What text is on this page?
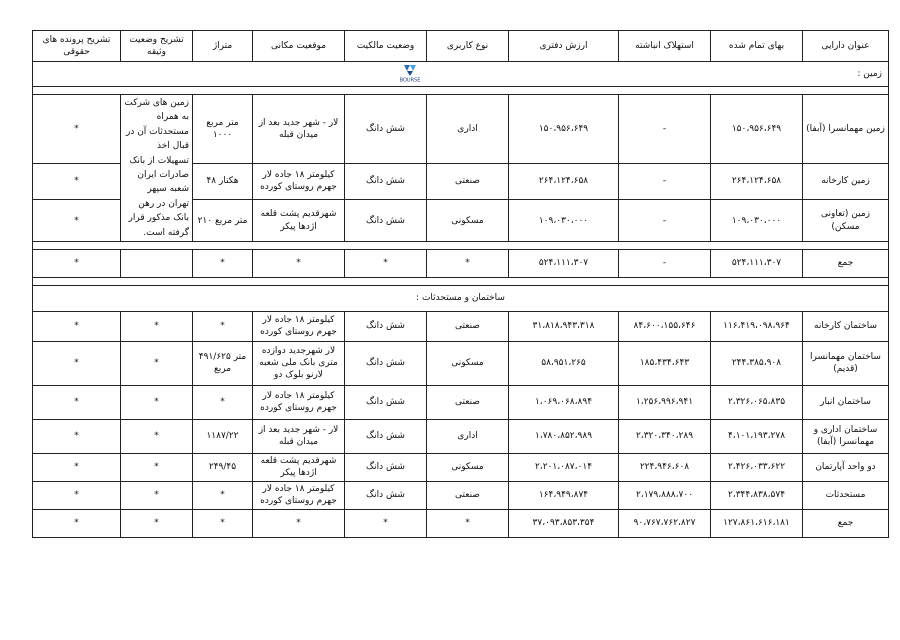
عنوان دارایی	بهای تمام شده	استهلاک انباشته	ارزش دفتری	نوع کاربری	وضعیت مالکیت	موقعیت مکانی	متراژ	تشریح وضعیت وثیقه	تشریح پرونده های حقوقی

زمین :
BOURSE									

زمین مهمانسرا (آبفا)	۱۵۰،۹۵۶،۶۴۹	-	۱۵۰،۹۵۶،۶۴۹	اداری	شش دانگ	لار - شهر جدید بعد از میدان قبله	متر مربع ۱۰۰۰	زمین های شرکت به همراه مستحدثات آن در قبال اخذ تسهیلات از بانک صادرات ایران شعبه سپهر تهران در رهن بانک مذکور قرار گرفته است.	*
زمین کارخانه	۲۶۴،۱۲۴،۶۵۸	-	۲۶۴،۱۲۴،۶۵۸	صنعتی	شش دانگ	کیلومتر ۱۸ جاده لار جهرم روستای کورده	هکتار ۴۸		*
زمین (تعاونی مسکن)	۱۰۹،۰۳۰،۰۰۰	-	۱۰۹،۰۳۰،۰۰۰	مسکونی	شش دانگ	شهرقدیم پشت قلعه اژدها پیکر	متر مربع ۲۱۰		*

جمع	۵۲۴،۱۱۱،۳۰۷	-	۵۲۴،۱۱۱،۳۰۷	*	*	*	*		*

ساختمان و مستحدثات :									
ساختمان کارخانه	۱۱۶،۴۱۹،۰۹۸،۹۶۴	۸۴،۶۰۰،۱۵۵،۶۴۶	۳۱،۸۱۸،۹۴۳،۳۱۸	صنعتی	شش دانگ	کیلومتر ۱۸ جاده لار جهرم روستای کورده	*	*	*
ساختمان مهمانسرا (قدیم)	۲۴۴،۳۸۵،۹۰۸	۱۸۵،۴۳۴،۶۴۳	۵۸،۹۵۱،۲۶۵	مسکونی	شش دانگ	لار شهرجدید دوازده متری بانک ملی شعبه لارنو بلوک دو	متر ۴۹۱/۶۲۵ مربع	*	*
ساختمان انبار	۲،۳۲۶،۰۶۵،۸۳۵	۱،۲۵۶،۹۹۶،۹۴۱	۱،۰۶۹،۰۶۸،۸۹۴	صنعتی	شش دانگ	کیلومتر ۱۸ جاده لار جهرم روستای کورده	*	*	*
ساختمان اداری و مهمانسرا (آبفا)	۴،۱۰۱،۱۹۳،۲۷۸	۲،۳۲۰،۳۴۰،۲۸۹	۱،۷۸۰،۸۵۲،۹۸۹	اداری	شش دانگ	لار - شهر جدید بعد از میدان قبله	۱۱۸۷/۲۲	*	*
دو واحد آپارتمان	۲،۴۲۶،۰۳۳،۶۲۲	۲۲۴،۹۴۶،۶۰۸	۲،۲۰۱،۰۸۷،۰۱۴	مسکونی	شش دانگ	شهرقدیم پشت قلعه اژدها پیکر	۲۴۹/۴۵	*	*
مستحدثات	۲،۳۴۴،۸۳۸،۵۷۴	۲،۱۷۹،۸۸۸،۷۰۰	۱۶۴،۹۴۹،۸۷۴	صنعتی	شش دانگ	کیلومتر ۱۸ جاده لار جهرم روستای کورده	*	*	*
جمع	۱۲۷،۸۶۱،۶۱۶،۱۸۱	۹۰،۷۶۷،۷۶۲،۸۲۷	۳۷،۰۹۳،۸۵۳،۳۵۴	*	*	*	*	*	*
